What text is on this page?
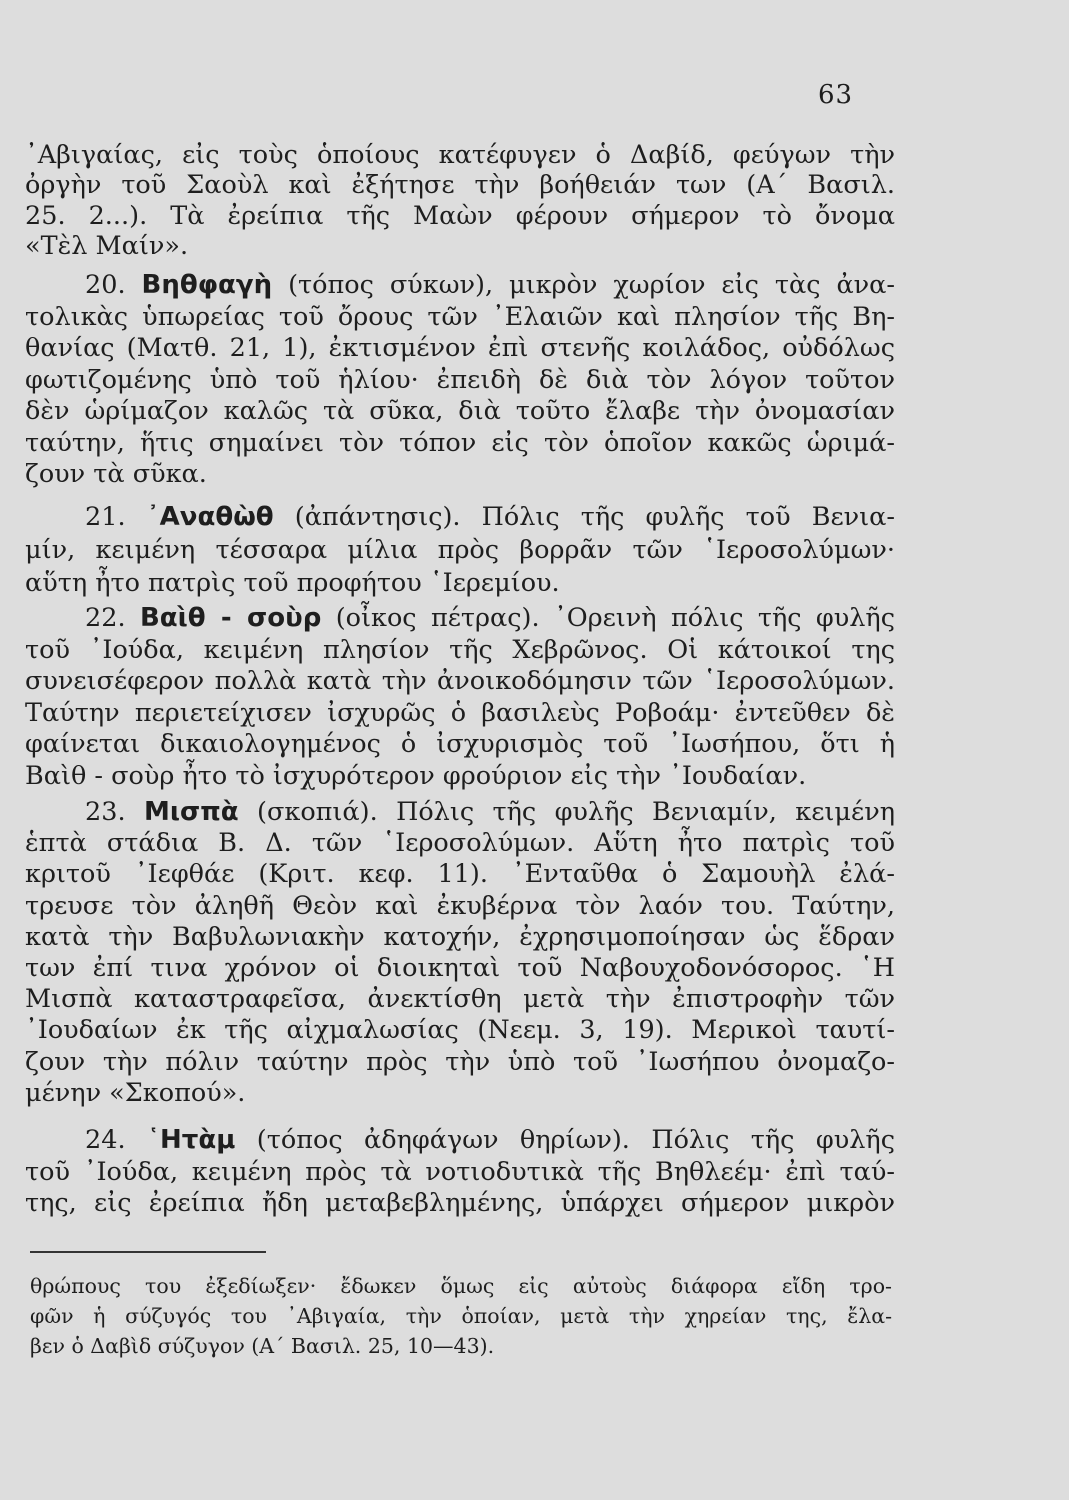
63
᾿Αβιγαίας, εἰς τοὺς ὁποίους κατέφυγεν ὁ Δαβίδ, φεύγων τὴν
ὀργὴν τοῦ Σαοὺλ καὶ ἐξήτησε τὴν βοήθειάν των (Α΄ Βασιλ.
25. 2...). Τὰ ἐρείπια τῆς Μαὼν φέρουν σήμερον τὸ ὄνομα
«Τὲλ Μαίν».
20. Βηθφαγὴ (τόπος σύκων), μικρὸν χωρίον εἰς τὰς ἀνα-
τολικὰς ὑπωρείας τοῦ ὄρους τῶν ᾿Ελαιῶν καὶ πλησίον τῆς Βη-
θανίας (Ματθ. 21, 1), ἐκτισμένον ἐπὶ στενῆς κοιλάδος, οὐδόλως
φωτιζομένης ὑπὸ τοῦ ἡλίου· ἐπειδὴ δὲ διὰ τὸν λόγον τοῦτον
δὲν ὡρίμαζον καλῶς τὰ σῦκα, διὰ τοῦτο ἔλαβε τὴν ὀνομασίαν
ταύτην, ἥτις σημαίνει τὸν τόπον εἰς τὸν ὁποῖον κακῶς ὡριμά-
ζουν τὰ σῦκα.
21. ᾿Αναθὼθ (ἀπάντησις). Πόλις τῆς φυλῆς τοῦ Βενια-
μίν, κειμένη τέσσαρα μίλια πρὸς βορρᾶν τῶν ῾Ιεροσολύμων·
αὕτη ἦτο πατρὶς τοῦ προφήτου ῾Ιερεμίου.
22. Βαὶθ - σοὺρ (οἶκος πέτρας). ᾿Ορεινὴ πόλις τῆς φυλῆς
τοῦ ᾿Ιούδα, κειμένη πλησίον τῆς Χεβρῶνος. Οἱ κάτοικοί της
συνεισέφερον πολλὰ κατὰ τὴν ἀνοικοδόμησιν τῶν ῾Ιεροσολύμων.
Ταύτην περιετείχισεν ἰσχυρῶς ὁ βασιλεὺς Ροβοάμ· ἐντεῦθεν δὲ
φαίνεται δικαιολογημένος ὁ ἰσχυρισμὸς τοῦ ᾿Ιωσήπου, ὅτι ἡ
Βαὶθ - σοὺρ ἦτο τὸ ἰσχυρότερον φρούριον εἰς τὴν ᾿Ιουδαίαν.
23. Μισπὰ (σκοπιά). Πόλις τῆς φυλῆς Βενιαμίν, κειμένη
ἑπτὰ στάδια Β. Δ. τῶν ῾Ιεροσολύμων. Αὕτη ἦτο πατρὶς τοῦ
κριτοῦ ᾿Ιεφθάε (Κριτ. κεφ. 11). ᾿Ενταῦθα ὁ Σαμουὴλ ἐλά-
τρευσε τὸν ἀληθῆ Θεὸν καὶ ἐκυβέρνα τὸν λαόν του. Ταύτην,
κατὰ τὴν Βαβυλωνιακὴν κατοχήν, ἐχρησιμοποίησαν ὡς ἕδραν
των ἐπί τινα χρόνον οἱ διοικηταὶ τοῦ Ναβουχοδονόσορος. ῾Η
Μισπὰ καταστραφεῖσα, ἀνεκτίσθη μετὰ τὴν ἐπιστροφὴν τῶν
᾿Ιουδαίων ἐκ τῆς αἰχμαλωσίας (Νεεμ. 3, 19). Μερικοὶ ταυτί-
ζουν τὴν πόλιν ταύτην πρὸς τὴν ὑπὸ τοῦ ᾿Ιωσήπου ὀνομαζο-
μένην «Σκοπού».
24. ῾Ητὰμ (τόπος ἀδηφάγων θηρίων). Πόλις τῆς φυλῆς
τοῦ ᾿Ιούδα, κειμένη πρὸς τὰ νοτιοδυτικὰ τῆς Βηθλεέμ· ἐπὶ ταύ-
της, εἰς ἐρείπια ἤδη μεταβεβλημένης, ὑπάρχει σήμερον μικρὸν
θρώπους του ἐξεδίωξεν· ἔδωκεν ὅμως εἰς αὐτοὺς διάφορα εἴδη τρο-
φῶν ἡ σύζυγός του ᾿Αβιγαία, τὴν ὁποίαν, μετὰ τὴν χηρείαν της, ἔλα-
βεν ὁ Δαβὶδ σύζυγον (Α΄ Βασιλ. 25, 10—43).
